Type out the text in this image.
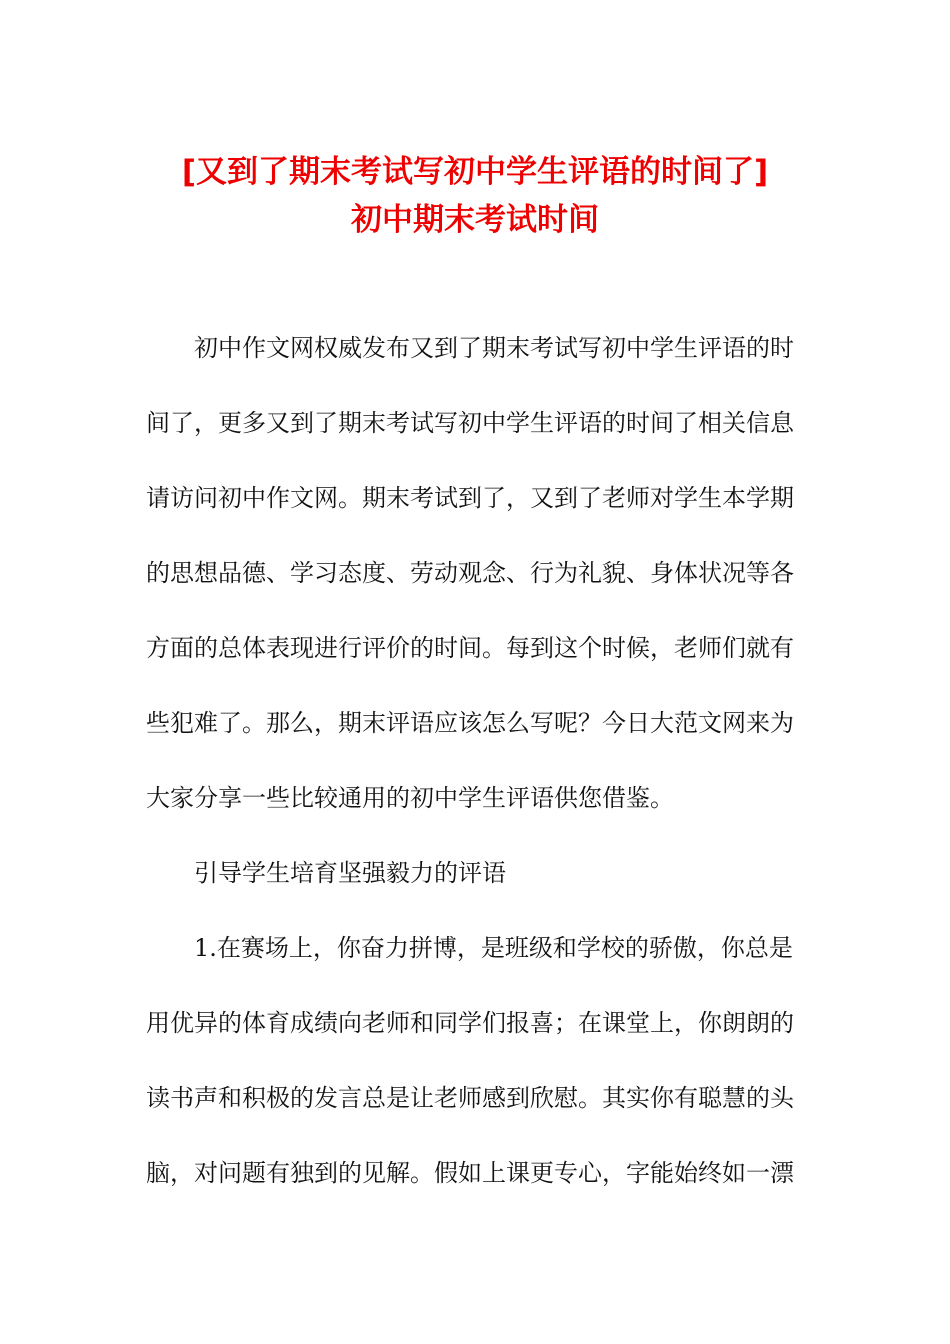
[又到了期末考试写初中学生评语的时间了]
初中期末考试时间

初中作文网权威发布又到了期末考试写初中学生评语的时

间了，更多又到了期末考试写初中学生评语的时间了相关信息

请访问初中作文网。期末考试到了，又到了老师对学生本学期

的思想品德、学习态度、劳动观念、行为礼貌、身体状况等各

方面的总体表现进行评价的时间。每到这个时候，老师们就有

些犯难了。那么，期末评语应该怎么写呢？今日大范文网来为

大家分享一些比较通用的初中学生评语供您借鉴。

引导学生培育坚强毅力的评语

1.在赛场上，你奋力拼博，是班级和学校的骄傲，你总是

用优异的体育成绩向老师和同学们报喜；在课堂上，你朗朗的

读书声和积极的发言总是让老师感到欣慰。其实你有聪慧的头

脑，对问题有独到的见解。假如上课更专心，字能始终如一漂
